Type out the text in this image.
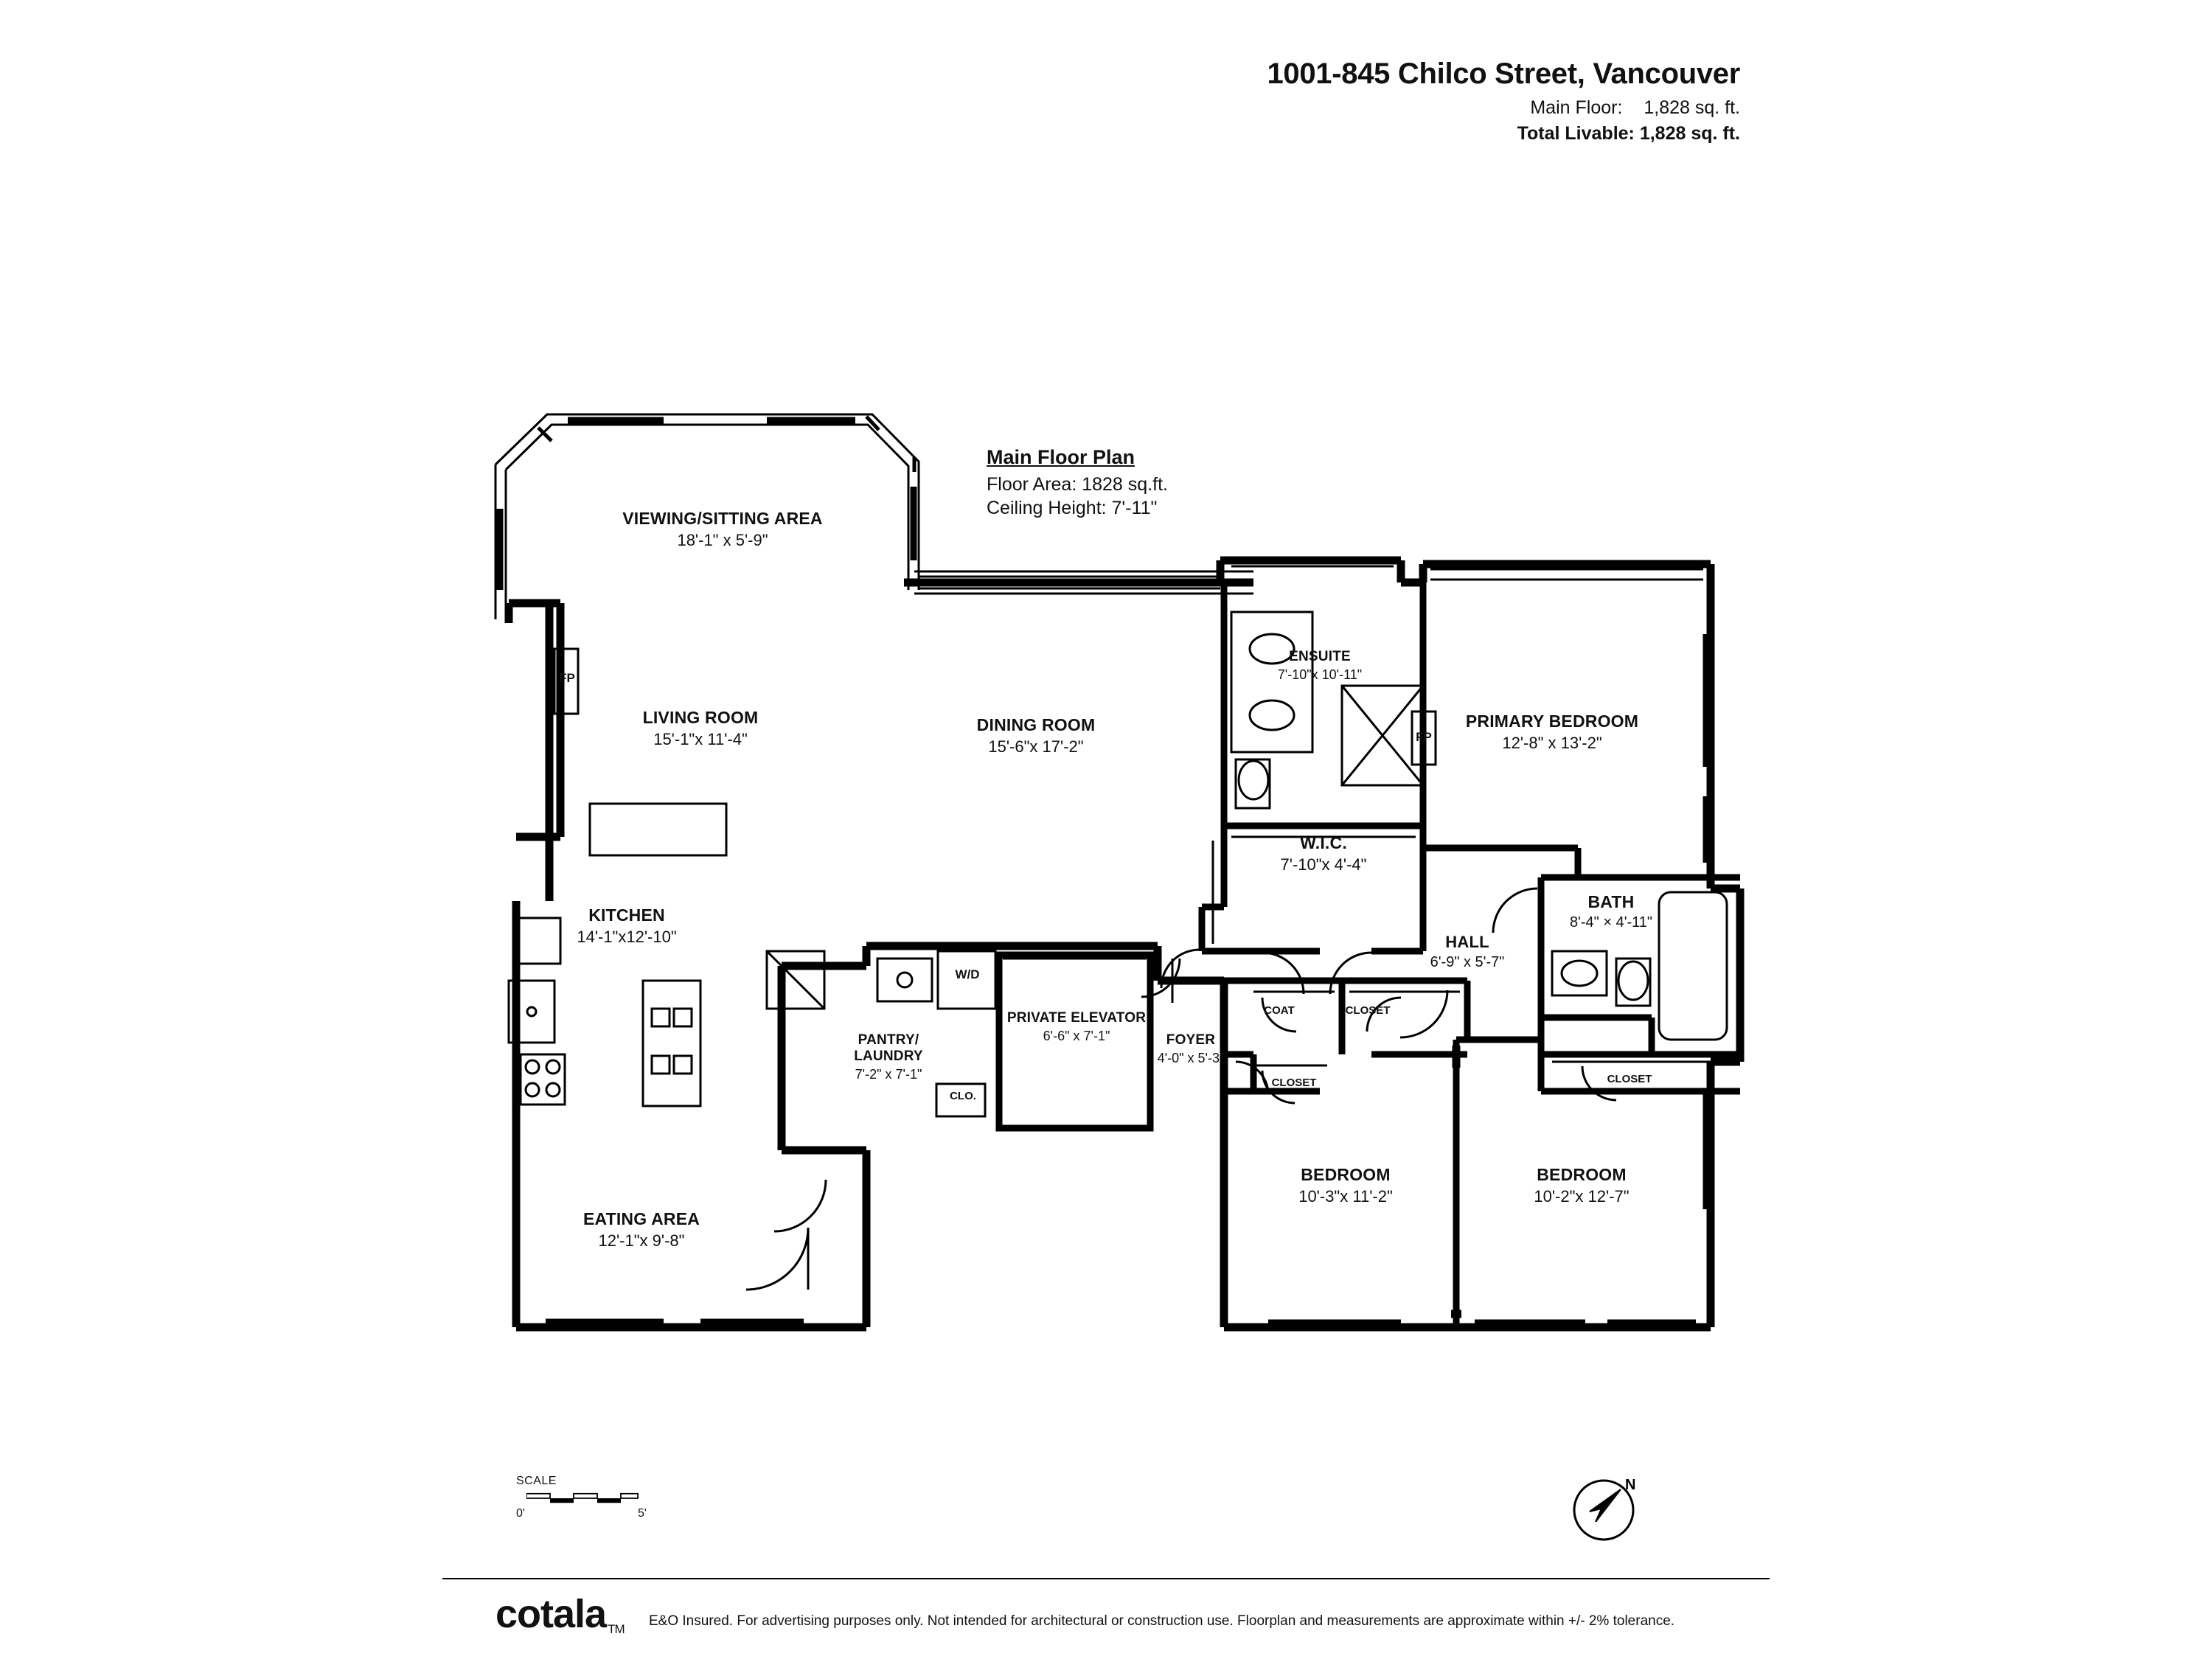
1001-845 Chilco Street, Vancouver
Main Floor: 1,828 sq. ft.
Total Livable: 1,828 sq. ft.
Main Floor Plan
Floor Area: 1828 sq.ft.
Ceiling Height: 7'-11"
VIEWING/SITTING AREA
18'-1" x 5'-9"
LIVING ROOM
15'-1"x 11'-4"
DINING ROOM
15'-6"x 17'-2"
KITCHEN
14'-1"x12'-10"
EATING AREA
12'-1"x 9'-8"
PANTRY/ LAUNDRY
7'-2" x 7'-1"
PRIVATE ELEVATOR
6'-6" x 7'-1"	FOYER
4'-0" x 5'-3"
ENSUITE
7'-10"x 10'-11"
PRIMARY BEDROOM
12'-8" x 13'-2"
W.I.C.
7'-10"x 4'-4"
HALL
6'-9" x 5'-7"
BATH
8'-4" × 4'-11"
BEDROOM
10'-3"x 11'-2"
BEDROOM
10'-2"x 12'-7"
FP
FP
W/D
COAT	CLOSET
CLOSET	CLOSET
CLO.
SCALE
0'	5'
N
cotala TM
E&O Insured. For advertising purposes only. Not intended for architectural or construction use. Floorplan and measurements are approximate within +/- 2% tolerance.
